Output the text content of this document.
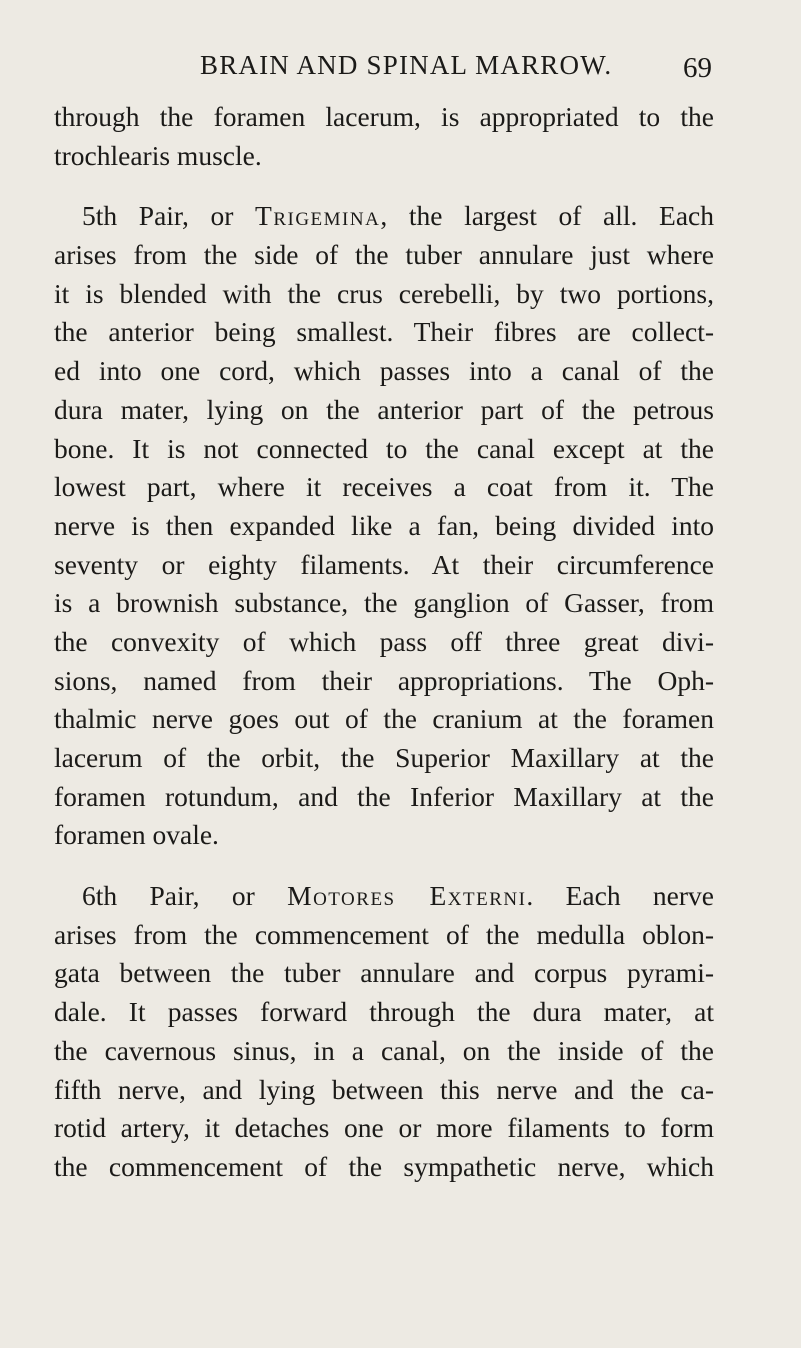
BRAIN AND SPINAL MARROW. 69
through the foramen lacerum, is appropriated to the
trochlearis muscle.
5th Pair, or Trigemina, the largest of all. Each
arises from the side of the tuber annulare just where
it is blended with the crus cerebelli, by two portions,
the anterior being smallest. Their fibres are collect-
ed into one cord, which passes into a canal of the
dura mater, lying on the anterior part of the petrous
bone. It is not connected to the canal except at the
lowest part, where it receives a coat from it. The
nerve is then expanded like a fan, being divided into
seventy or eighty filaments. At their circumference
is a brownish substance, the ganglion of Gasser, from
the convexity of which pass off three great divi-
sions, named from their appropriations. The Oph-
thalmic nerve goes out of the cranium at the foramen
lacerum of the orbit, the Superior Maxillary at the
foramen rotundum, and the Inferior Maxillary at the
foramen ovale.
6th Pair, or Motores Externi. Each nerve
arises from the commencement of the medulla oblon-
gata between the tuber annulare and corpus pyrami-
dale. It passes forward through the dura mater, at
the cavernous sinus, in a canal, on the inside of the
fifth nerve, and lying between this nerve and the ca-
rotid artery, it detaches one or more filaments to form
the commencement of the sympathetic nerve, which
